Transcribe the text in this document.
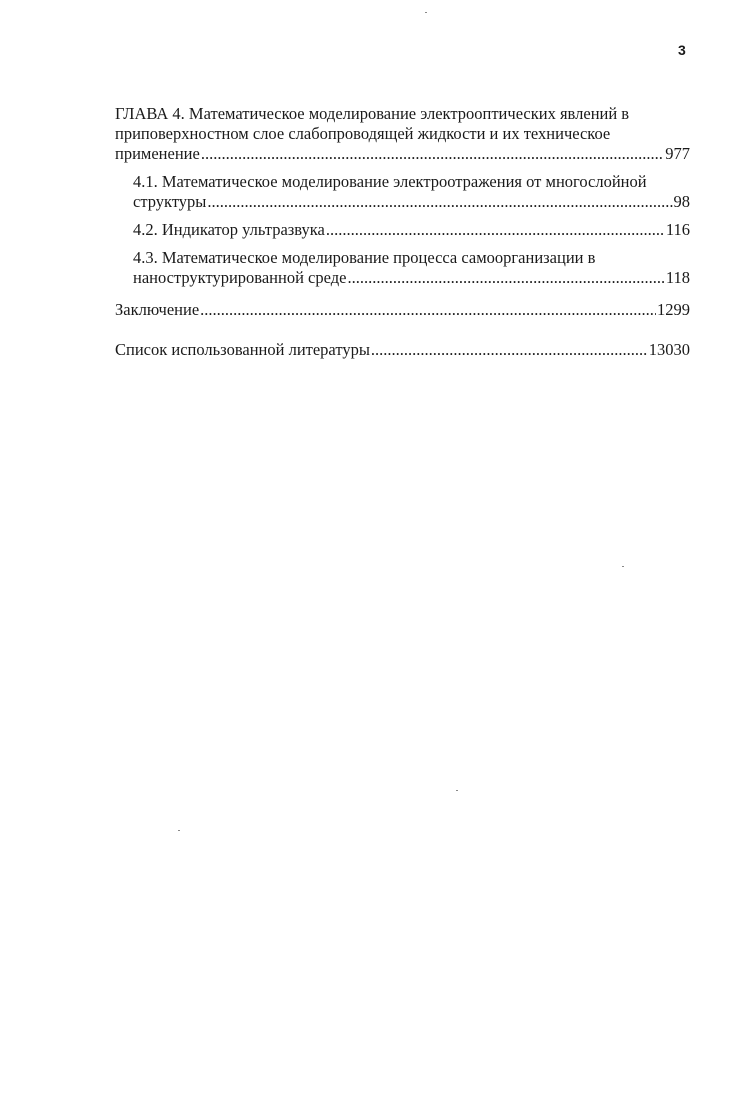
3
ГЛАВА 4. Математическое моделирование электрооптических явлений в
приповерхностном слое слабопроводящей жидкости и их техническое
применение .....	977
4.1. Математическое моделирование электроотражения от многослойной
структуры .....	98
4.2. Индикатор ультразвука .....	116
4.3. Математическое моделирование процесса самоорганизации в
наноструктурированной среде .....	118
Заключение .....	1299
Список использованной литературы .....	13030
